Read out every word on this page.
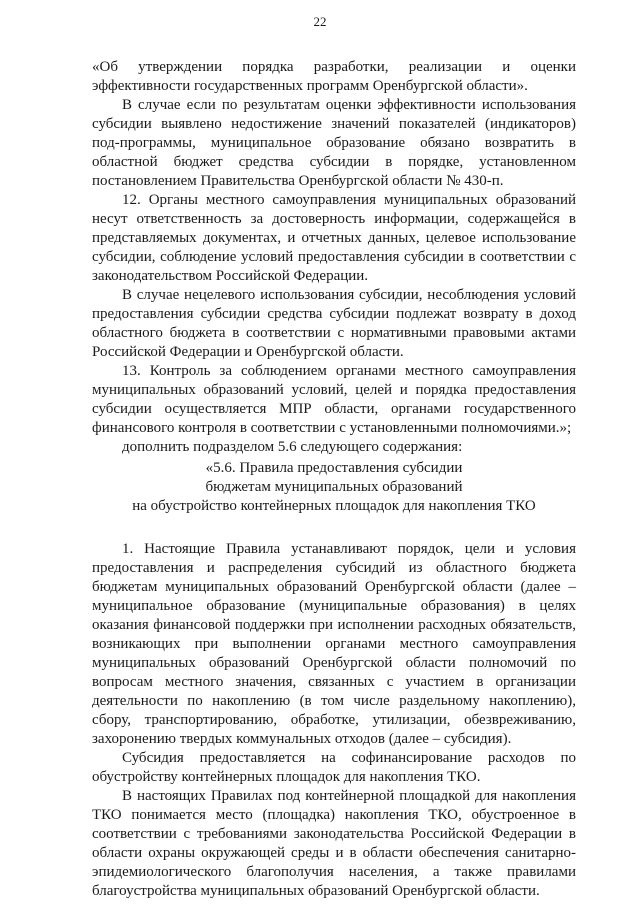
22

«Об утверждении порядка разработки, реализации и оценки эффективности государственных программ Оренбургской области».

В случае если по результатам оценки эффективности использования субсидии выявлено недостижение значений показателей (индикаторов) под-программы, муниципальное образование обязано возвратить в областной бюджет средства субсидии в порядке, установленном постановлением Правительства Оренбургской области № 430-п.

12. Органы местного самоуправления муниципальных образований несут ответственность за достоверность информации, содержащейся в представляемых документах, и отчетных данных, целевое использование субсидии, соблюдение условий предоставления субсидии в соответствии с законодательством Российской Федерации.

В случае нецелевого использования субсидии, несоблюдения условий предоставления субсидии средства субсидии подлежат возврату в доход областного бюджета в соответствии с нормативными правовыми актами Российской Федерации и Оренбургской области.

13. Контроль за соблюдением органами местного самоуправления муниципальных образований условий, целей и порядка предоставления субсидии осуществляется МПР области, органами государственного финансового контроля в соответствии с установленными полномочиями.»;

дополнить подразделом 5.6 следующего содержания:

«5.6. Правила предоставления субсидии

бюджетам муниципальных образований

на обустройство контейнерных площадок для накопления ТКО

1. Настоящие Правила устанавливают порядок, цели и условия предоставления и распределения субсидий из областного бюджета бюджетам муниципальных образований Оренбургской области (далее – муниципальное образование (муниципальные образования) в целях оказания финансовой поддержки при исполнении расходных обязательств, возникающих при выполнении органами местного самоуправления муниципальных образований Оренбургской области полномочий по вопросам местного значения, связанных с участием в организации деятельности по накоплению (в том числе раздельному накоплению), сбору, транспортированию, обработке, утилизации, обезвреживанию, захоронению твердых коммунальных отходов (далее – субсидия).

Субсидия предоставляется на софинансирование расходов по обустройству контейнерных площадок для накопления ТКО.

В настоящих Правилах под контейнерной площадкой для накопления ТКО понимается место (площадка) накопления ТКО, обустроенное в соответствии с требованиями законодательства Российской Федерации в области охраны окружающей среды и в области обеспечения санитарно-эпидемиологического благополучия населения, а также правилами благоустройства муниципальных образований Оренбургской области.
